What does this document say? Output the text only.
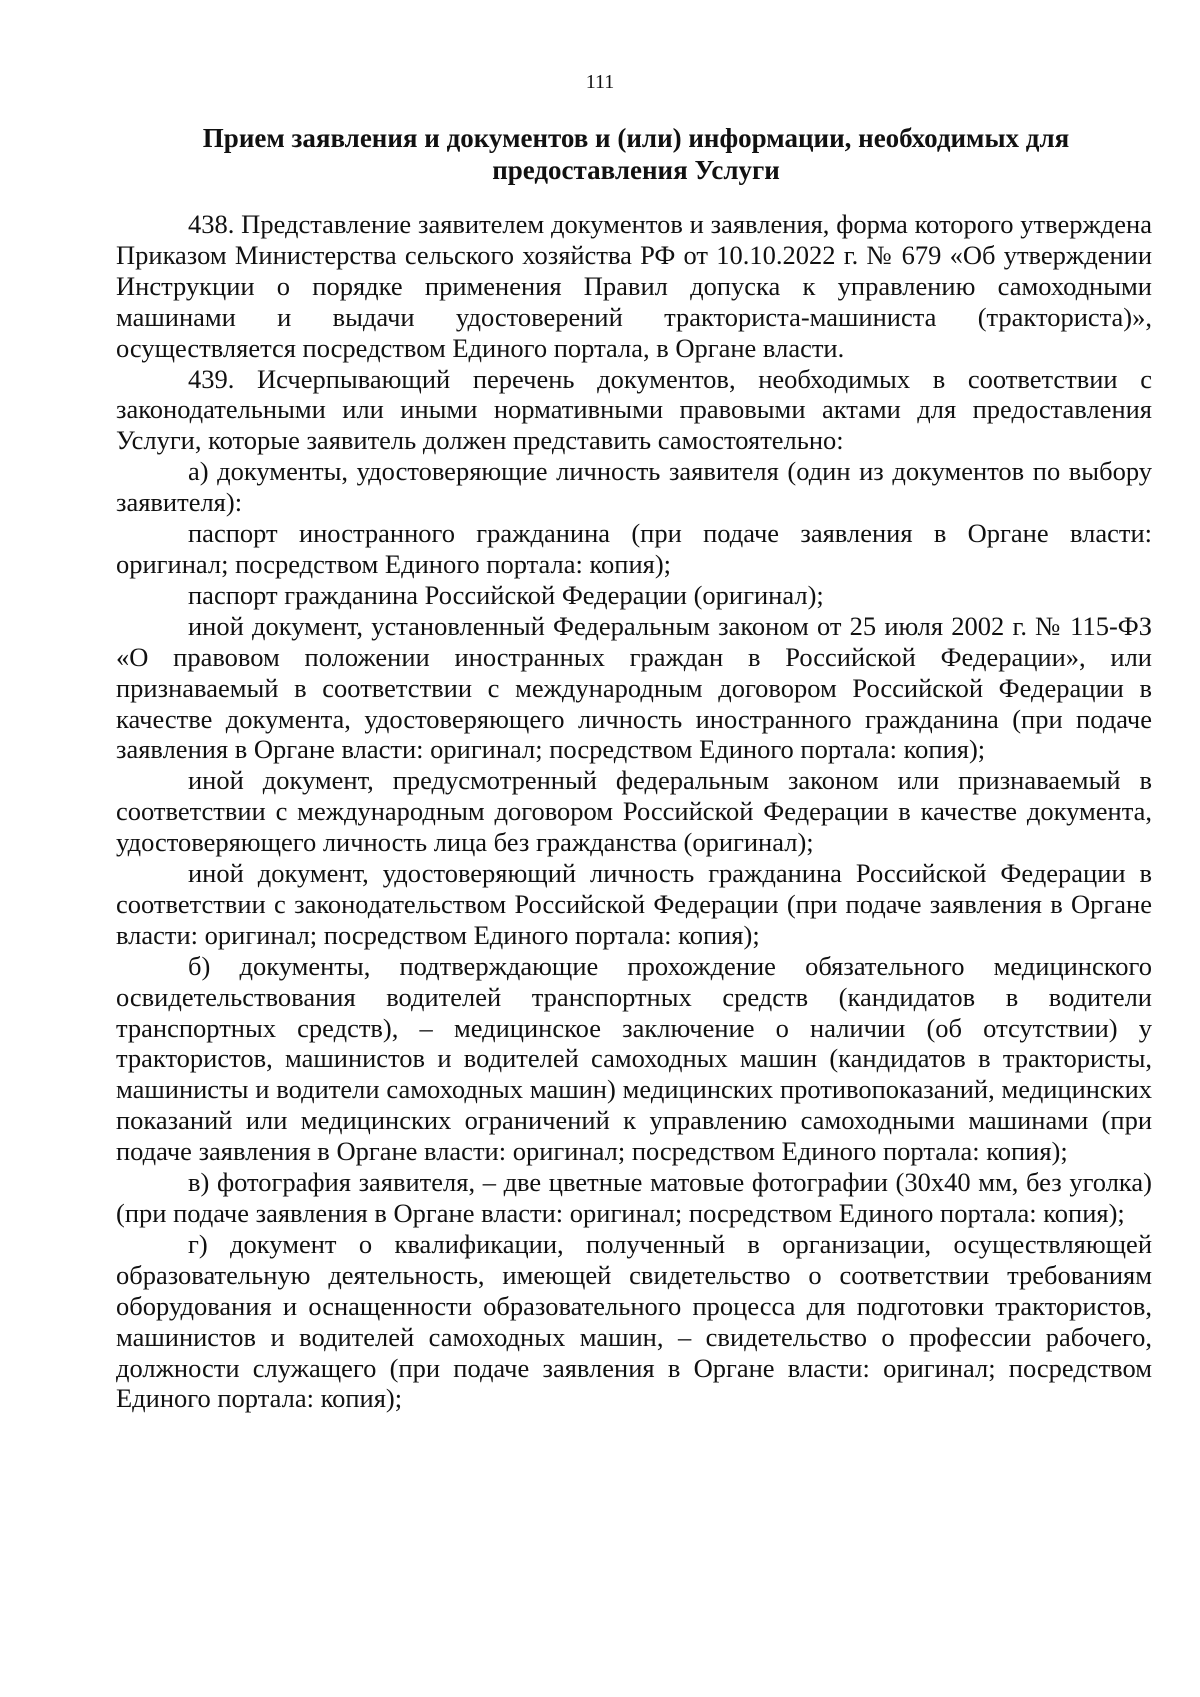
111
Прием заявления и документов и (или) информации, необходимых для предоставления Услуги

438. Представление заявителем документов и заявления, форма которого утверждена Приказом Министерства сельского хозяйства РФ от 10.10.2022 г. № 679 «Об утверждении Инструкции о порядке применения Правил допуска к управлению самоходными машинами и выдачи удостоверений тракториста-машиниста (тракториста)», осуществляется посредством Единого портала, в Органе власти.

439. Исчерпывающий перечень документов, необходимых в соответствии с законодательными или иными нормативными правовыми актами для предоставления Услуги, которые заявитель должен представить самостоятельно:

а) документы, удостоверяющие личность заявителя (один из документов по выбору заявителя):

паспорт иностранного гражданина (при подаче заявления в Органе власти: оригинал; посредством Единого портала: копия);

паспорт гражданина Российской Федерации (оригинал);

иной документ, установленный Федеральным законом от 25 июля 2002 г. № 115-ФЗ «О правовом положении иностранных граждан в Российской Федерации», или признаваемый в соответствии с международным договором Российской Федерации в качестве документа, удостоверяющего личность иностранного гражданина (при подаче заявления в Органе власти: оригинал; посредством Единого портала: копия);

иной документ, предусмотренный федеральным законом или признаваемый в соответствии с международным договором Российской Федерации в качестве документа, удостоверяющего личность лица без гражданства (оригинал);

иной документ, удостоверяющий личность гражданина Российской Федерации в соответствии с законодательством Российской Федерации (при подаче заявления в Органе власти: оригинал; посредством Единого портала: копия);

б) документы, подтверждающие прохождение обязательного медицинского освидетельствования водителей транспортных средств (кандидатов в водители транспортных средств), – медицинское заключение о наличии (об отсутствии) у трактористов, машинистов и водителей самоходных машин (кандидатов в трактористы, машинисты и водители самоходных машин) медицинских противопоказаний, медицинских показаний или медицинских ограничений к управлению самоходными машинами (при подаче заявления в Органе власти: оригинал; посредством Единого портала: копия);

в) фотография заявителя, – две цветные матовые фотографии (30х40 мм, без уголка) (при подаче заявления в Органе власти: оригинал; посредством Единого портала: копия);

г) документ о квалификации, полученный в организации, осуществляющей образовательную деятельность, имеющей свидетельство о соответствии требованиям оборудования и оснащенности образовательного процесса для подготовки трактористов, машинистов и водителей самоходных машин, – свидетельство о профессии рабочего, должности служащего (при подаче заявления в Органе власти: оригинал; посредством Единого портала: копия);
